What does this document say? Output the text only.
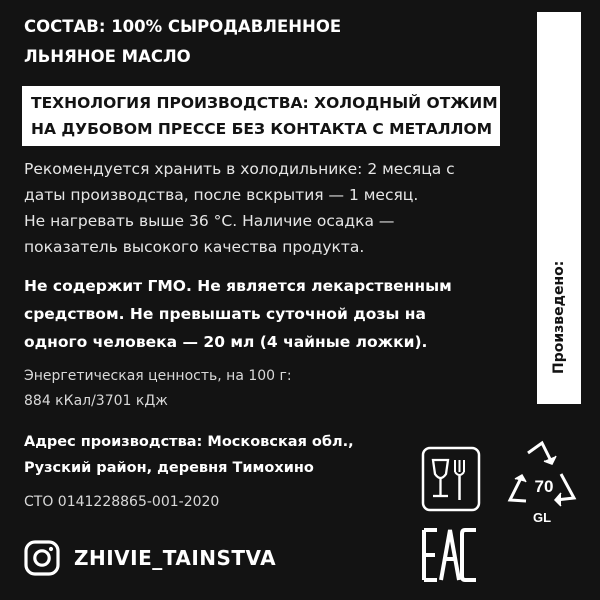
СОСТАВ: 100% СЫРОДАВЛЕННОЕ
ЛЬНЯНОЕ МАСЛО
ТЕХНОЛОГИЯ ПРОИЗВОДСТВА: ХОЛОДНЫЙ ОТЖИМ
НА ДУБОВОМ ПРЕССЕ БЕЗ КОНТАКТА С МЕТАЛЛОМ
Рекомендуется хранить в холодильнике: 2 месяца с
даты производства, после вскрытия — 1 месяц.
Не нагревать выше 36 °С. Наличие осадка —
показатель высокого качества продукта.
Не содержит ГМО. Не является лекарственным
средством. Не превышать суточной дозы на
одного человека — 20 мл (4 чайные ложки).
Энергетическая ценность, на 100 г:
884 кКал/3701 кДж
Адрес производства: Московская обл.,
Рузский район, деревня Тимохино
СТО 0141228865-001-2020
ZHIVIE_TAINSTVA
Произведено:
70
GL
